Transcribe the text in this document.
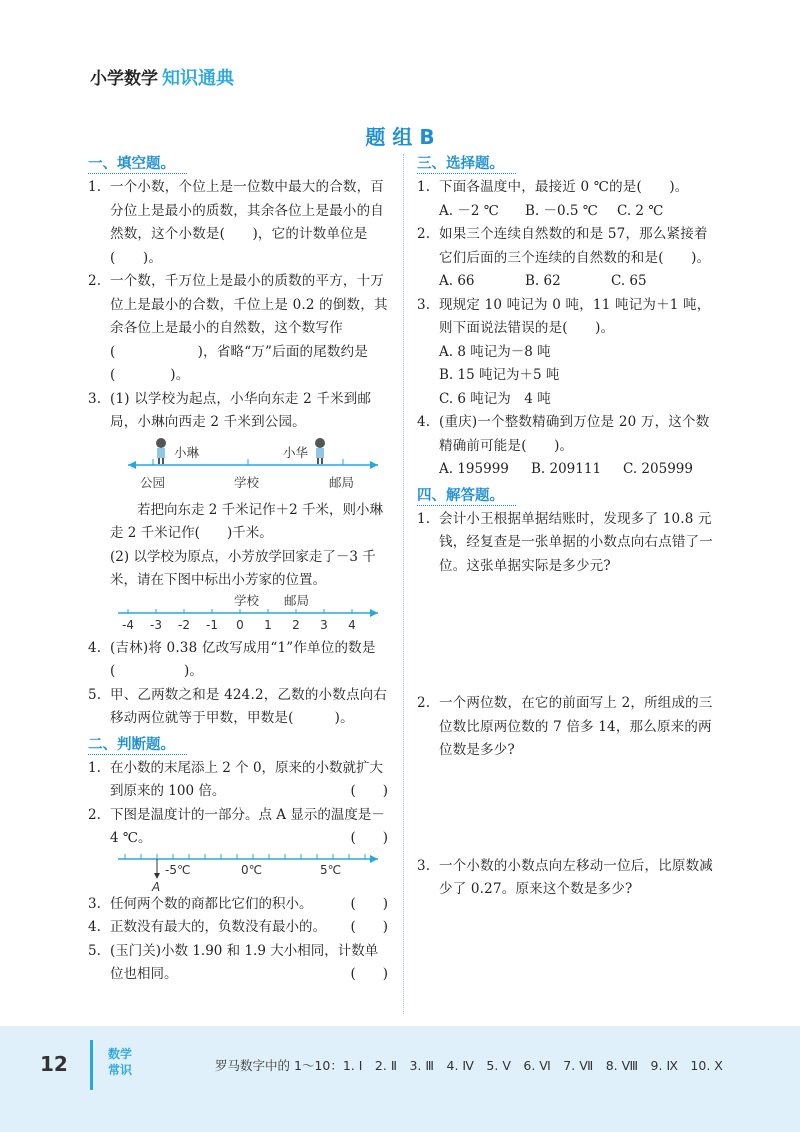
小学数学 知识通典
题 组 B
一、填空题。
1. 一个小数，个位上是一位数中最大的合数，百分位上是最小的质数，其余各位上是最小的自然数，这个小数是(　　)，它的计数单位是(　　)。
2. 一个数，千万位上是最小的质数的平方，十万位上是最小的合数，千位上是 0.2 的倒数，其余各位上是最小的自然数，这个数写作(　　　　　　)，省略“万”后面的尾数约是(　　　　)。
3. (1) 以学校为起点，小华向东走 2 千米到邮局，小琳向西走 2 千米到公园。
小琳	小华
公园	学校	邮局
若把向东走 2 千米记作＋2 千米，则小琳走 2 千米记作(　　)千米。
(2) 以学校为原点，小芳放学回家走了－3 千米，请在下图中标出小芳家的位置。
学校 邮局
-4 -3 -2 -1 0 1 2 3 4
4. (吉林)将 0.38 亿改写成用“1”作单位的数是(　　　　　)。
5. 甲、乙两数之和是 424.2，乙数的小数点向右移动两位就等于甲数，甲数是(　　　)。
二、判断题。
1. 在小数的末尾添上 2 个 0，原来的小数就扩大到原来的 100 倍。	(　　)
2. 下图是温度计的一部分。点 A 显示的温度是－4 ℃。	(　　)
-5℃	0℃	5℃
A
3. 任何两个数的商都比它们的积小。	(　　)
4. 正数没有最大的，负数没有最小的。 (　　)
5. (玉门关)小数 1.90 和 1.9 大小相同，计数单位也相同。	(　　)
三、选择题。
1. 下面各温度中，最接近 0 ℃的是(　　)。
A. －2 ℃ B. －0.5 ℃ C. 2 ℃
2. 如果三个连续自然数的和是 57，那么紧接着它们后面的三个连续的自然数的和是(　　)。
A. 66	B. 62	C. 65
3. 现规定 10 吨记为 0 吨，11 吨记为＋1 吨，则下面说法错误的是(　　)。
A. 8 吨记为－8 吨
B. 15 吨记为＋5 吨
C. 6 吨记为　4 吨
4. (重庆)一个整数精确到万位是 20 万，这个数精确前可能是(　　)。
A. 195999 B. 209111 C. 205999
四、解答题。
1. 会计小王根据单据结账时，发现多了 10.8 元钱，经复查是一张单据的小数点向右点错了一位。这张单据实际是多少元?
2. 一个两位数，在它的前面写上 2，所组成的三位数比原两位数的 7 倍多 14，那么原来的两位数是多少?
3. 一个小数的小数点向左移动一位后，比原数减少了 0.27。原来这个数是多少?
12	数学常识	罗马数字中的 1～10：1. Ⅰ　2. Ⅱ　3. Ⅲ　4. Ⅳ　5. Ⅴ　6. Ⅵ　7. Ⅶ　8. Ⅷ　9. Ⅸ　10. Ⅹ
